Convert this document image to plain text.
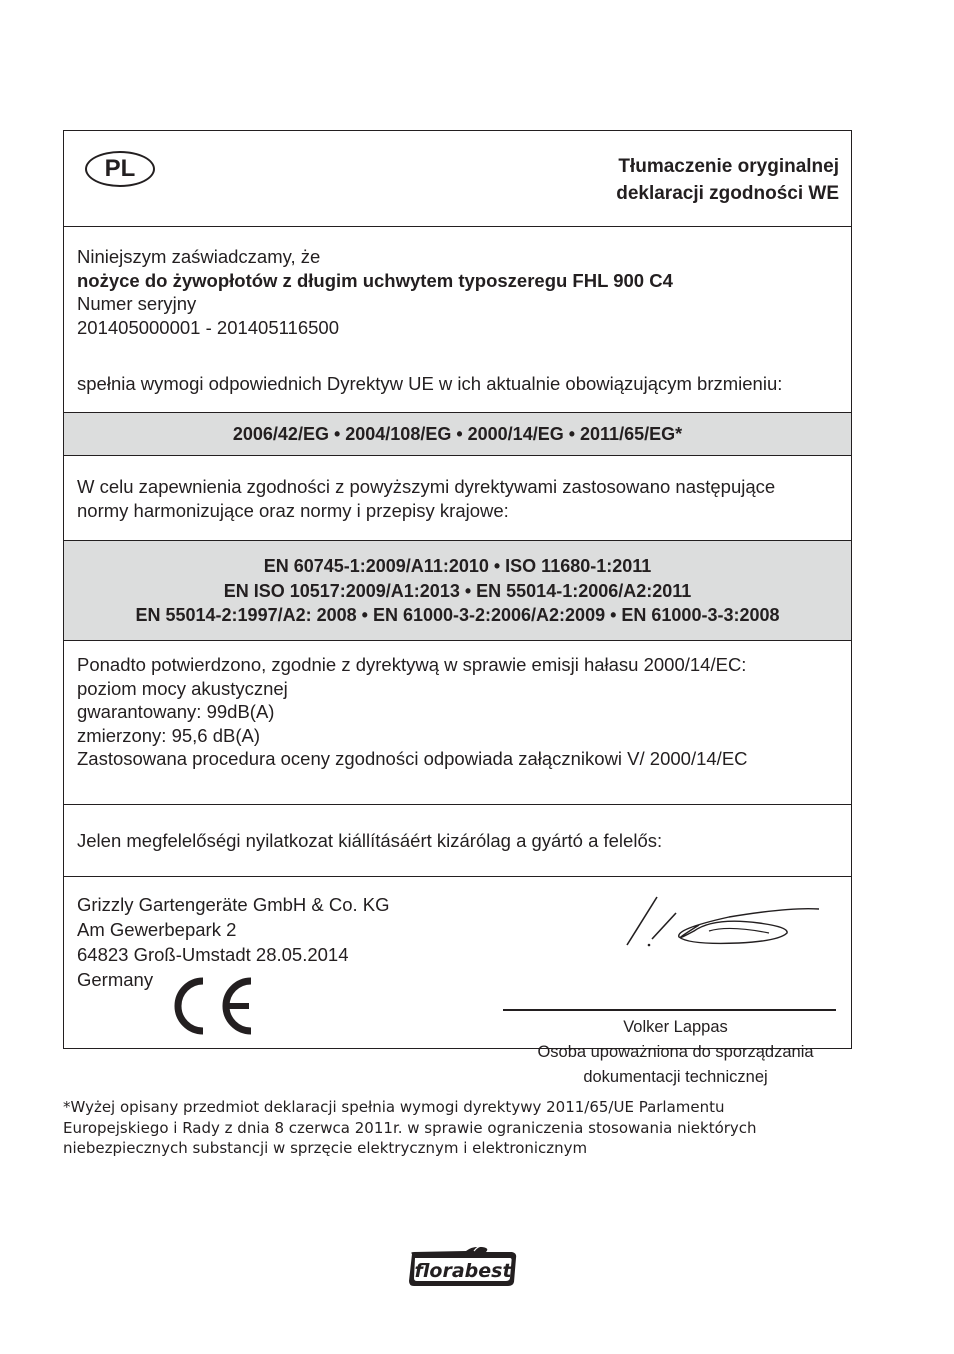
PL	Tłumaczenie oryginalnej
deklaracji zgodności WE
Niniejszym zaświadczamy, że
nożyce do żywopłotów z długim uchwytem typoszeregu FHL 900 C4
Numer seryjny
201405000001 - 201405116500
spełnia wymogi odpowiednich Dyrektyw UE w ich aktualnie obowiązującym brzmieniu:
2006/42/EG • 2004/108/EG • 2000/14/EG • 2011/65/EG*
W celu zapewnienia zgodności z powyższymi dyrektywami zastosowano następujące
normy harmonizujące oraz normy i przepisy krajowe:
EN 60745-1:2009/A11:2010 • ISO 11680-1:2011
EN ISO 10517:2009/A1:2013 • EN 55014-1:2006/A2:2011
EN 55014-2:1997/A2: 2008 • EN 61000-3-2:2006/A2:2009 • EN 61000-3-3:2008
Ponadto potwierdzono, zgodnie z dyrektywą w sprawie emisji hałasu 2000/14/EC:
poziom mocy akustycznej
gwarantowany: 99dB(A)
zmierzony: 95,6 dB(A)
Zastosowana procedura oceny zgodności odpowiada załącznikowi V/ 2000/14/EC
Jelen megfelelőségi nyilatkozat kiállításáért kizárólag a gyártó a felelős:
Grizzly Gartengeräte GmbH & Co. KG
Am Gewerbepark 2
64823 Groß-Umstadt 28.05.2014
Germany
Volker Lappas
Osoba upoważniona do sporządzania
dokumentacji technicznej
*Wyżej opisany przedmiot deklaracji spełnia wymogi dyrektywy 2011/65/UE Parlamentu
Europejskiego i Rady z dnia 8 czerwca 2011r. w sprawie ograniczenia stosowania niektórych
niebezpiecznych substancji w sprzęcie elektrycznym i elektronicznym
florabest
